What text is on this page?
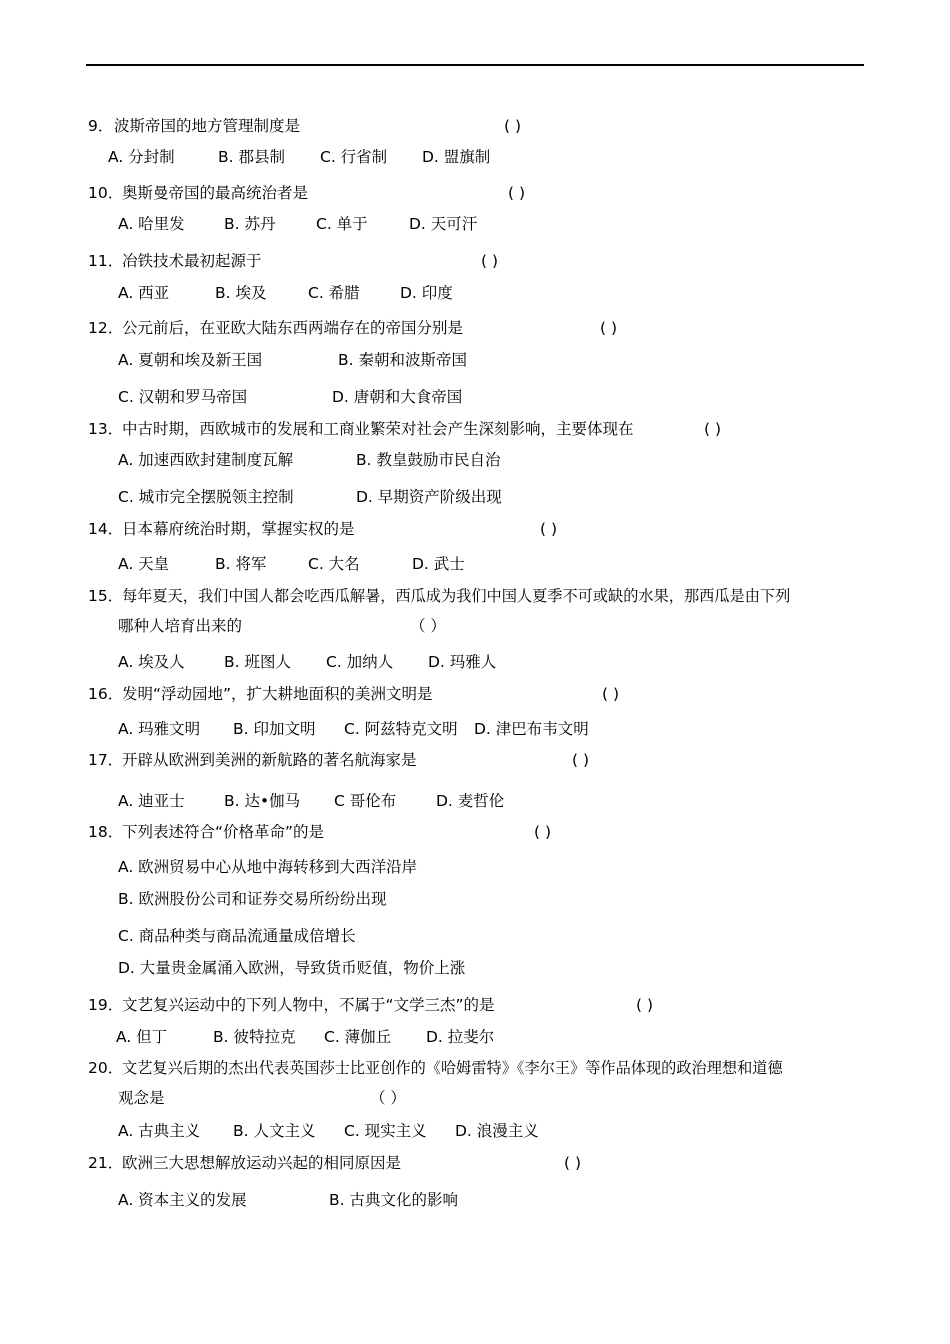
9． 波斯帝国的地方管理制度是	( )
A. 分封制	B. 郡县制 C. 行省制 D. 盟旗制
10．
奥斯曼帝国的最高统治者是	( )
A. 哈里发	B. 苏丹	C. 单于	D. 天可汗
11．
冶铁技术最初起源于	( )
A. 西亚	B. 埃及	C. 希腊	D. 印度
12．
公元前后，在亚欧大陆东西两端存在的帝国分别是	( )
A. 夏朝和埃及新王国	B. 秦朝和波斯帝国
C. 汉朝和罗马帝国	D. 唐朝和大食帝国
13．
中古时期，西欧城市的发展和工商业繁荣对社会产生深刻影响，主要体现在	( )
A. 加速西欧封建制度瓦解	B. 教皇鼓励市民自治
C. 城市完全摆脱领主控制	D. 早期资产阶级出现
14．
日本幕府统治时期，掌握实权的是	( )
A. 天皇	B. 将军	C. 大名	D. 武士
15．
每年夏天，我们中国人都会吃西瓜解暑，西瓜成为我们中国人夏季不可或缺的水果，那西瓜是由下列
哪种人培育出来的	（ ）
A. 埃及人	B. 班图人 C. 加纳人 D. 玛雅人
16．
发明“浮动园地”，扩大耕地面积的美洲文明是	( )
A. 玛雅文明 B. 印加文明 C. 阿兹特克文明 D. 津巴布韦文明
17．
开辟从欧洲到美洲的新航路的著名航海家是	( )
A. 迪亚士	B. 达•伽马 C 哥伦布	D. 麦哲伦
18．
下列表述符合“价格革命”的是	( )
A. 欧洲贸易中心从地中海转移到大西洋沿岸
B. 欧洲股份公司和证券交易所纷纷出现
C. 商品种类与商品流通量成倍增长
D. 大量贵金属涌入欧洲，导致货币贬值，物价上涨
19．
文艺复兴运动中的下列人物中，不属于“文学三杰”的是	( )
A. 但丁	B. 彼特拉克 C. 薄伽丘 D. 拉斐尔
20．
文艺复兴后期的杰出代表英国莎士比亚创作的《哈姆雷特》《李尔王》等作品体现的政治理想和道德
观念是	（ ）
A. 古典主义 B. 人文主义 C. 现实主义 D. 浪漫主义
21．
欧洲三大思想解放运动兴起的相同原因是	( )
A. 资本主义的发展	B. 古典文化的影响
